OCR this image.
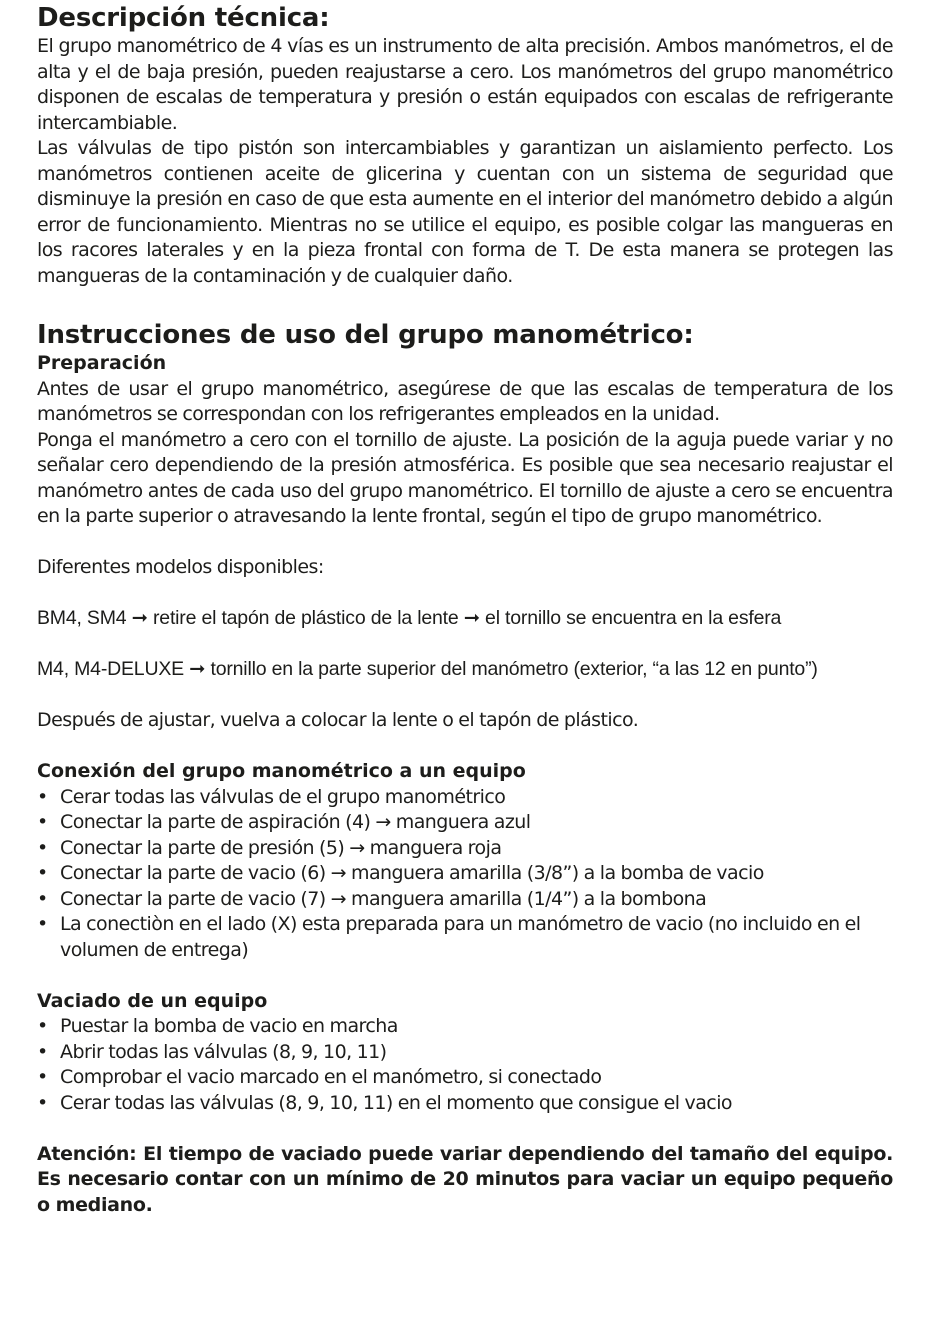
Descripción técnica:

El grupo manométrico de 4 vías es un instrumento de alta precisión. Ambos manómetros, el de alta y el de baja presión, pueden reajustarse a cero. Los manómetros del grupo manométrico disponen de escalas de temperatura y presión o están equipados con escalas de refrigerante intercambiable.

Las válvulas de tipo pistón son intercambiables y garantizan un aislamiento perfecto. Los manómetros contienen aceite de glicerina y cuentan con un sistema de seguridad que disminuye la presión en caso de que esta aumente en el interior del manómetro debido a algún error de funcionamiento. Mientras no se utilice el equipo, es posible colgar las mangueras en los racores laterales y en la pieza frontal con forma de T. De esta manera se protegen las mangueras de la contaminación y de cualquier daño.

Instrucciones de uso del grupo manométrico:
Preparación

Antes de usar el grupo manométrico, asegúrese de que las escalas de temperatura de los manómetros se correspondan con los refrigerantes empleados en la unidad.

Ponga el manómetro a cero con el tornillo de ajuste. La posición de la aguja puede variar y no señalar cero dependiendo de la presión atmosférica. Es posible que sea necesario reajustar el manómetro antes de cada uso del grupo manométrico. El tornillo de ajuste a cero se encuentra en la parte superior o atravesando la lente frontal, según el tipo de grupo manométrico.

Diferentes modelos disponibles:

BM4, SM4 ➞ retire el tapón de plástico de la lente ➞ el tornillo se encuentra en la esfera

M4, M4-DELUXE ➞ tornillo en la parte superior del manómetro (exterior, “a las 12 en punto”)

Después de ajustar, vuelva a colocar la lente o el tapón de plástico.

Conexión del grupo manométrico a un equipo
• Cerar todas las válvulas de el grupo manométrico
• Conectar la parte de aspiración (4) → manguera azul
• Conectar la parte de presión (5) → manguera roja
• Conectar la parte de vacio (6) → manguera amarilla (3/8”) a la bomba de vacio
• Conectar la parte de vacio (7) → manguera amarilla (1/4”) a la bombona
• La conectiòn en el lado (X) esta preparada para un manómetro de vacio (no incluido en el volumen de entrega)
Vaciado de un equipo
• Puestar la bomba de vacio en marcha
• Abrir todas las válvulas (8, 9, 10, 11)
• Comprobar el vacio marcado en el manómetro, si conectado
• Cerar todas las válvulas (8, 9, 10, 11) en el momento que consigue el vacio

Atención: El tiempo de vaciado puede variar dependiendo del tamaño del equipo. Es necesario contar con un mínimo de 20 minutos para vaciar un equipo pequeño o mediano.
